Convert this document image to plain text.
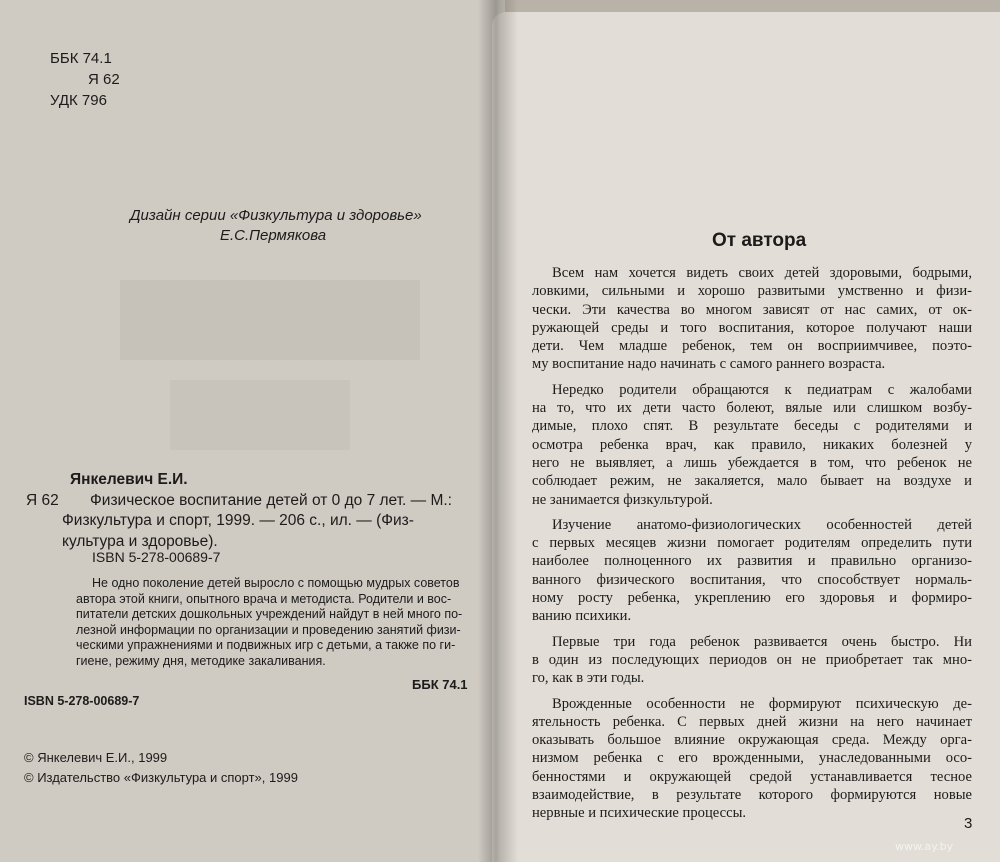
ББК 74.1
Я 62
УДК 796
Дизайн серии «Физкультура и здоровье»
Е.С.Пермякова
Янкелевич Е.И.
Я 62	Физическое воспитание детей от 0 до 7 лет. — М.:
Физкультура и спорт, 1999. — 206 с., ил. — (Физ-
культура и здоровье).
ISBN 5-278-00689-7
Не одно поколение детей выросло с помощью мудрых советов
автора этой книги, опытного врача и методиста. Родители и вос-
питатели детских дошкольных учреждений найдут в ней много по-
лезной информации по организации и проведению занятий физи-
ческими упражнениями и подвижных игр с детьми, а также по ги-
гиене, режиму дня, методике закаливания.
ББК 74.1
ISBN 5-278-00689-7
© Янкелевич Е.И., 1999
© Издательство «Физкультура и спорт», 1999
От автора
Всем нам хочется видеть своих детей здоровыми, бодрыми,
ловкими, сильными и хорошо развитыми умственно и физи-
чески. Эти качества во многом зависят от нас самих, от ок-
ружающей среды и того воспитания, которое получают наши
дети. Чем младше ребенок, тем он восприимчивее, поэто-
му воспитание надо начинать с самого раннего возраста.
Нередко родители обращаются к педиатрам с жалобами
на то, что их дети часто болеют, вялые или слишком возбу-
димые, плохо спят. В результате беседы с родителями и
осмотра ребенка врач, как правило, никаких болезней у
него не выявляет, а лишь убеждается в том, что ребенок не
соблюдает режим, не закаляется, мало бывает на воздухе и
не занимается физкультурой.
Изучение анатомо-физиологических особенностей детей
с первых месяцев жизни помогает родителям определить пути
наиболее полноценного их развития и правильно организо-
ванного физического воспитания, что способствует нормаль-
ному росту ребенка, укреплению его здоровья и формиро-
ванию психики.
Первые три года ребенок развивается очень быстро. Ни
в один из последующих периодов он не приобретает так мно-
го, как в эти годы.
Врожденные особенности не формируют психическую де-
ятельность ребенка. С первых дней жизни на него начинает
оказывать большое влияние окружающая среда. Между орга-
низмом ребенка с его врожденными, унаследованными осо-
бенностями и окружающей средой устанавливается тесное
взаимодействие, в результате которого формируются новые
нервные и психические процессы.
3
www.ay.by
